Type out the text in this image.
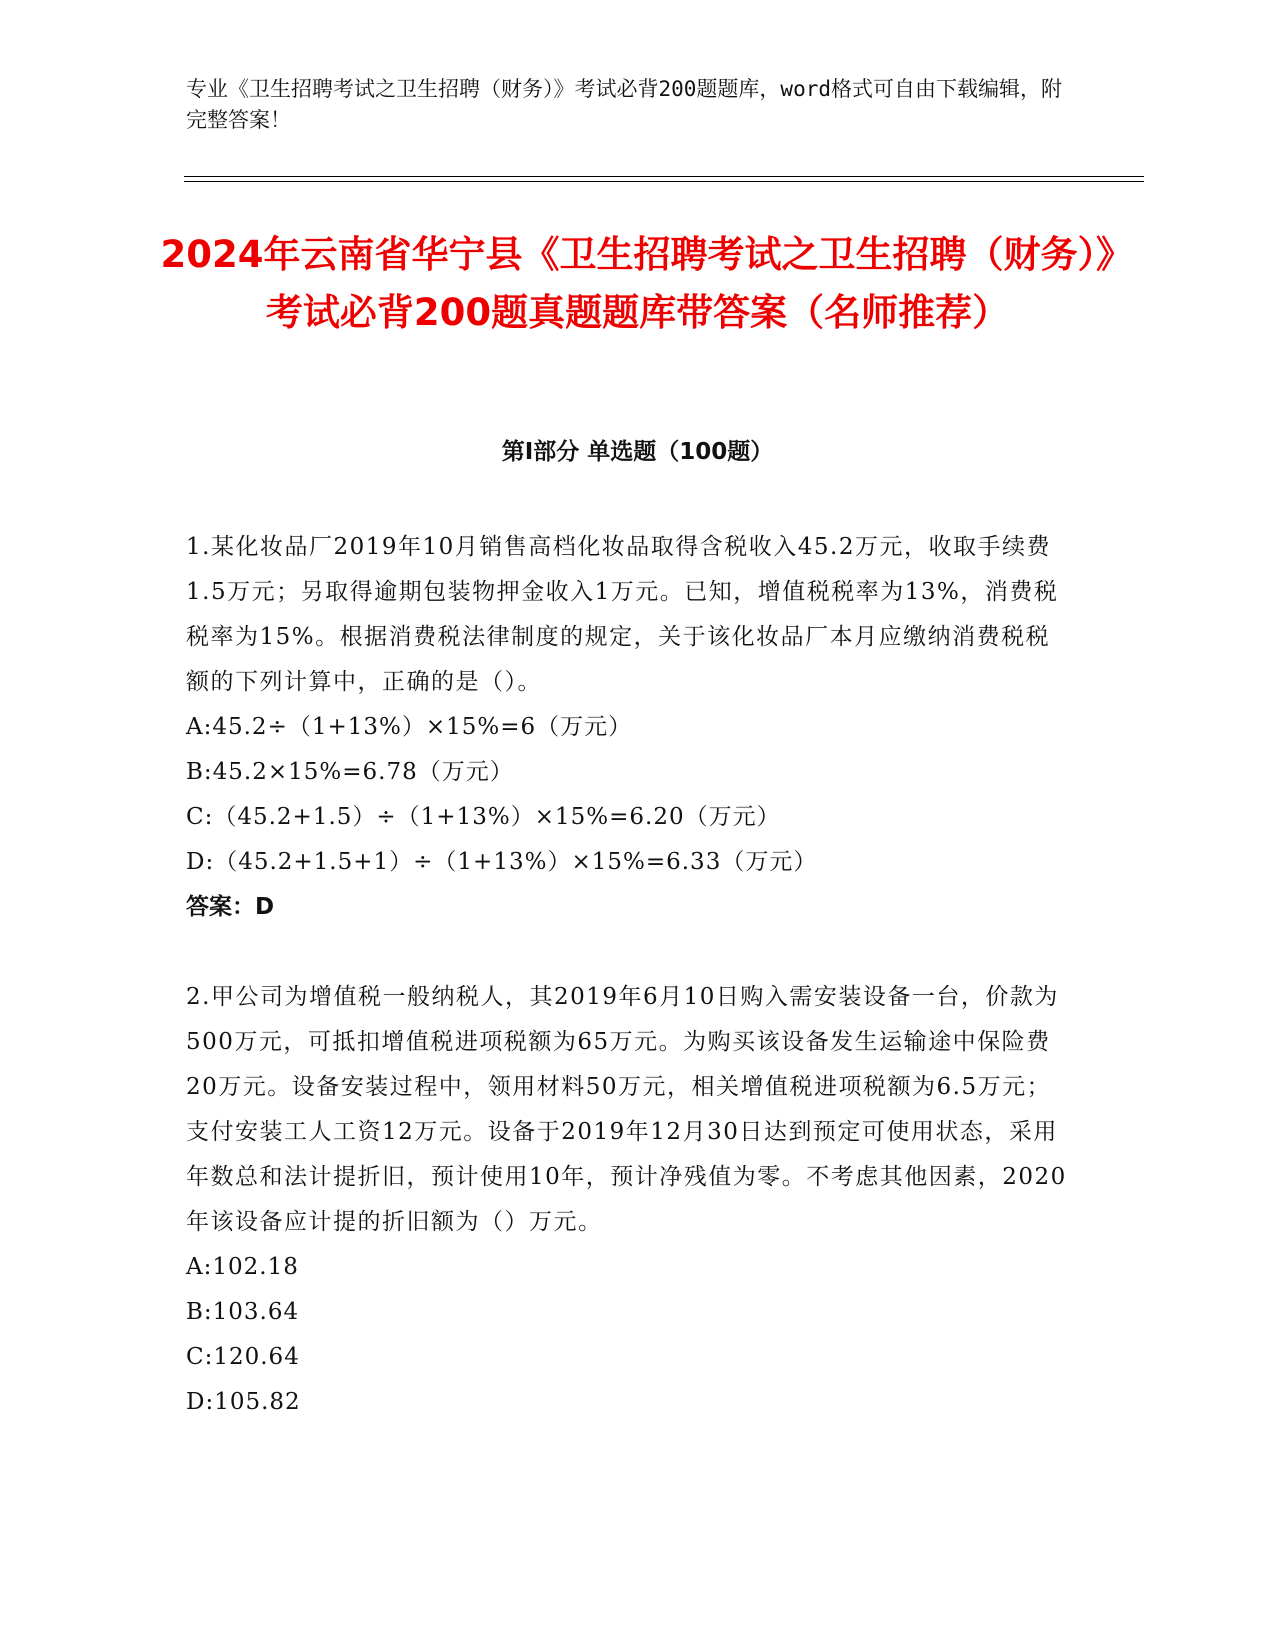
专业《卫生招聘考试之卫生招聘（财务）》考试必背200题题库，word格式可自由下载编辑，附完整答案！
2024年云南省华宁县《卫生招聘考试之卫生招聘（财务）》考试必背200题真题题库带答案（名师推荐）
第I部分 单选题（100题）
1.某化妆品厂2019年10月销售高档化妆品取得含税收入45.2万元，收取手续费1.5万元；另取得逾期包装物押金收入1万元。已知，增值税税率为13%，消费税税率为15%。根据消费税法律制度的规定，关于该化妆品厂本月应缴纳消费税税额的下列计算中，正确的是（）。
A:45.2÷（1+13%）×15%=6（万元）
B:45.2×15%=6.78（万元）
C:（45.2+1.5）÷（1+13%）×15%=6.20（万元）
D:（45.2+1.5+1）÷（1+13%）×15%=6.33（万元）
答案：D
2.甲公司为增值税一般纳税人，其2019年6月10日购入需安装设备一台，价款为500万元，可抵扣增值税进项税额为65万元。为购买该设备发生运输途中保险费20万元。设备安装过程中，领用材料50万元，相关增值税进项税额为6.5万元；支付安装工人工资12万元。设备于2019年12月30日达到预定可使用状态，采用年数总和法计提折旧，预计使用10年，预计净残值为零。不考虑其他因素，2020年该设备应计提的折旧额为（）万元。
A:102.18
B:103.64
C:120.64
D:105.82
